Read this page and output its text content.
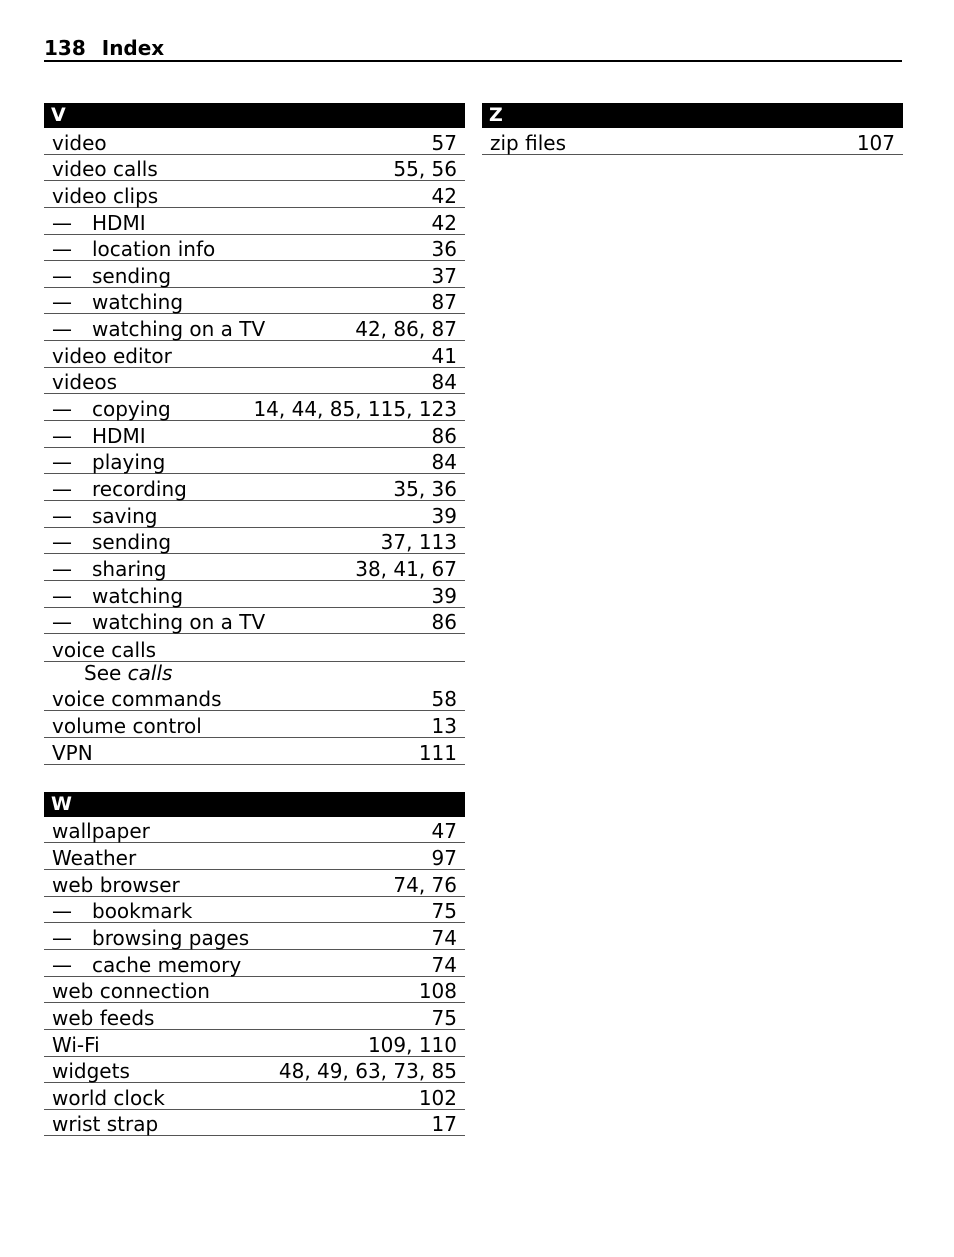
138 Index
V
video	57
video calls	55, 56
video clips	42
—	HDMI	42
—	location info	36
—	sending	37
—	watching	87
—	watching on a TV	42, 86, 87
video editor	41
videos	84
—	copying	14, 44, 85, 115, 123
—	HDMI	86
—	playing	84
—	recording	35, 36
—	saving	39
—	sending	37, 113
—	sharing	38, 41, 67
—	watching	39
—	watching on a TV	86
voice calls
See calls
voice commands	58
volume control	13
VPN	111
W
wallpaper	47
Weather	97
web browser	74, 76
—	bookmark	75
—	browsing pages	74
—	cache memory	74
web connection	108
web feeds	75
Wi-Fi	109, 110
widgets	48, 49, 63, 73, 85
world clock	102
wrist strap	17
Z
zip files	107
